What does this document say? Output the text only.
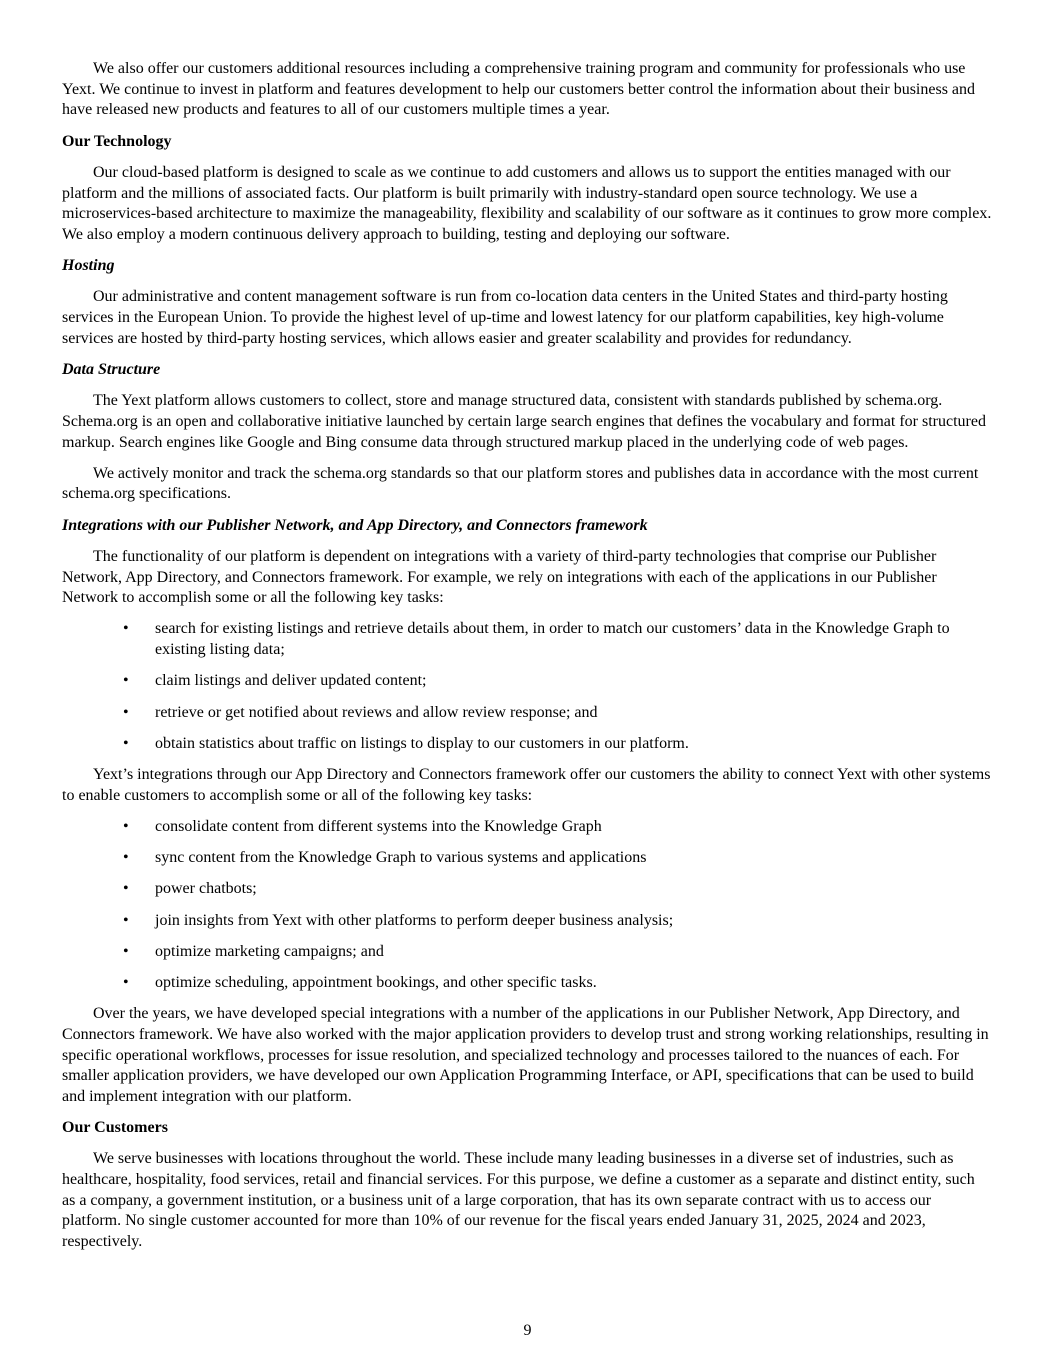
We also offer our customers additional resources including a comprehensive training program and community for professionals who use Yext. We continue to invest in platform and features development to help our customers better control the information about their business and have released new products and features to all of our customers multiple times a year.

Our Technology

Our cloud-based platform is designed to scale as we continue to add customers and allows us to support the entities managed with our platform and the millions of associated facts. Our platform is built primarily with industry-standard open source technology. We use a microservices-based architecture to maximize the manageability, flexibility and scalability of our software as it continues to grow more complex. We also employ a modern continuous delivery approach to building, testing and deploying our software.

Hosting

Our administrative and content management software is run from co-location data centers in the United States and third-party hosting services in the European Union. To provide the highest level of up-time and lowest latency for our platform capabilities, key high-volume services are hosted by third-party hosting services, which allows easier and greater scalability and provides for redundancy.

Data Structure

The Yext platform allows customers to collect, store and manage structured data, consistent with standards published by schema.org. Schema.org is an open and collaborative initiative launched by certain large search engines that defines the vocabulary and format for structured markup. Search engines like Google and Bing consume data through structured markup placed in the underlying code of web pages.

We actively monitor and track the schema.org standards so that our platform stores and publishes data in accordance with the most current schema.org specifications.

Integrations with our Publisher Network, and App Directory, and Connectors framework

The functionality of our platform is dependent on integrations with a variety of third-party technologies that comprise our Publisher Network, App Directory, and Connectors framework. For example, we rely on integrations with each of the applications in our Publisher Network to accomplish some or all the following key tasks:

• search for existing listings and retrieve details about them, in order to match our customers’ data in the Knowledge Graph to existing listing data;
• claim listings and deliver updated content;
• retrieve or get notified about reviews and allow review response; and
• obtain statistics about traffic on listings to display to our customers in our platform.

Yext’s integrations through our App Directory and Connectors framework offer our customers the ability to connect Yext with other systems to enable customers to accomplish some or all of the following key tasks:

• consolidate content from different systems into the Knowledge Graph
• sync content from the Knowledge Graph to various systems and applications
• power chatbots;
• join insights from Yext with other platforms to perform deeper business analysis;
• optimize marketing campaigns; and
• optimize scheduling, appointment bookings, and other specific tasks.

Over the years, we have developed special integrations with a number of the applications in our Publisher Network, App Directory, and Connectors framework. We have also worked with the major application providers to develop trust and strong working relationships, resulting in specific operational workflows, processes for issue resolution, and specialized technology and processes tailored to the nuances of each. For smaller application providers, we have developed our own Application Programming Interface, or API, specifications that can be used to build and implement integration with our platform.

Our Customers

We serve businesses with locations throughout the world. These include many leading businesses in a diverse set of industries, such as healthcare, hospitality, food services, retail and financial services. For this purpose, we define a customer as a separate and distinct entity, such as a company, a government institution, or a business unit of a large corporation, that has its own separate contract with us to access our platform. No single customer accounted for more than 10% of our revenue for the fiscal years ended January 31, 2025, 2024 and 2023, respectively.

9
